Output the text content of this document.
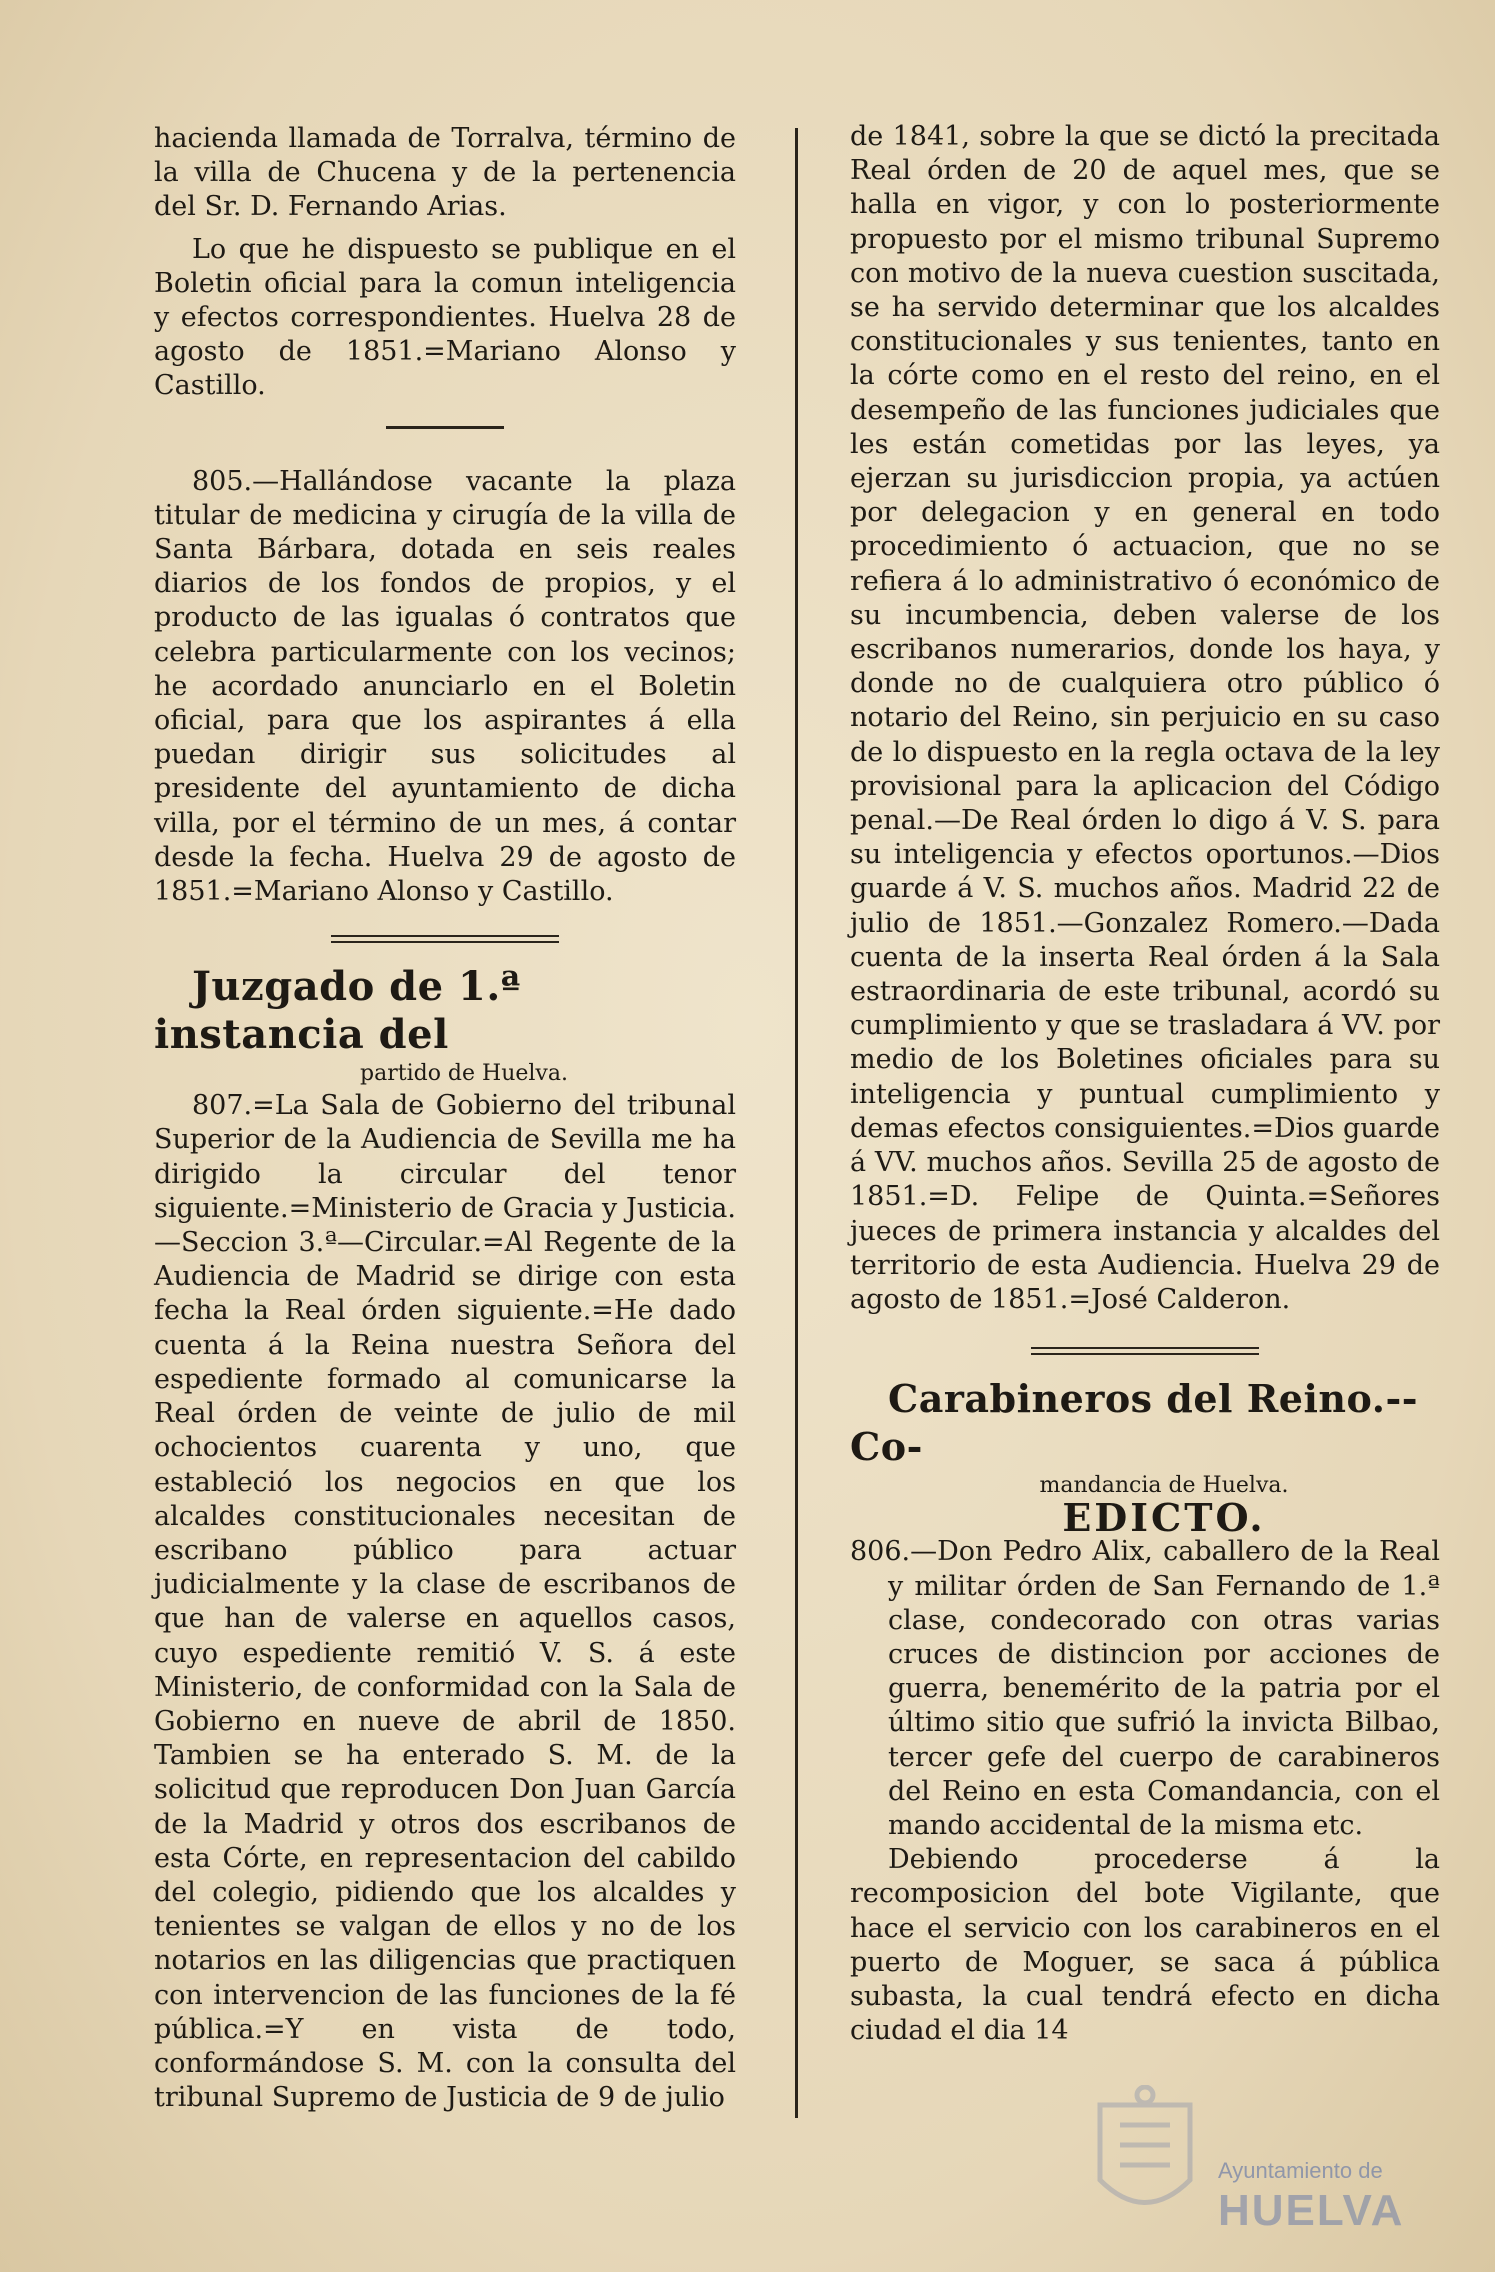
hacienda llamada de Torralva, término de la villa de Chucena y de la pertenencia del Sr. D. Fernando Arias.

Lo que he dispuesto se publique en el Boletin oficial para la comun inteligencia y efectos correspondientes. Huelva 28 de agosto de 1851.=Mariano Alonso y Castillo.

805.—Hallándose vacante la plaza titular de medicina y cirugía de la villa de Santa Bárbara, dotada en seis reales diarios de los fondos de propios, y el producto de las igualas ó contratos que celebra particularmente con los vecinos; he acordado anunciarlo en el Boletin oficial, para que los aspirantes á ella puedan dirigir sus solicitudes al presidente del ayuntamiento de dicha villa, por el término de un mes, á contar desde la fecha. Huelva 29 de agosto de 1851.=Mariano Alonso y Castillo.

Juzgado de 1.ª instancia del

partido de Huelva.

807.=La Sala de Gobierno del tribunal Superior de la Audiencia de Sevilla me ha dirigido la circular del tenor siguiente.=Ministerio de Gracia y Justicia.—Seccion 3.ª—Circular.=Al Regente de la Audiencia de Madrid se dirige con esta fecha la Real órden siguiente.=He dado cuenta á la Reina nuestra Señora del espediente formado al comunicarse la Real órden de veinte de julio de mil ochocientos cuarenta y uno, que estableció los negocios en que los alcaldes constitucionales necesitan de escribano público para actuar judicialmente y la clase de escribanos de que han de valerse en aquellos casos, cuyo espediente remitió V. S. á este Ministerio, de conformidad con la Sala de Gobierno en nueve de abril de 1850. Tambien se ha enterado S. M. de la solicitud que reproducen Don Juan García de la Madrid y otros dos escribanos de esta Córte, en representacion del cabildo del colegio, pidiendo que los alcaldes y tenientes se valgan de ellos y no de los notarios en las diligencias que practiquen con intervencion de las funciones de la fé pública.=Y en vista de todo, conformándose S. M. con la consulta del tribunal Supremo de Justicia de 9 de julio

de 1841, sobre la que se dictó la precitada Real órden de 20 de aquel mes, que se halla en vigor, y con lo posteriormente propuesto por el mismo tribunal Supremo con motivo de la nueva cuestion suscitada, se ha servido determinar que los alcaldes constitucionales y sus tenientes, tanto en la córte como en el resto del reino, en el desempeño de las funciones judiciales que les están cometidas por las leyes, ya ejerzan su jurisdiccion propia, ya actúen por delegacion y en general en todo procedimiento ó actuacion, que no se refiera á lo administrativo ó económico de su incumbencia, deben valerse de los escribanos numerarios, donde los haya, y donde no de cualquiera otro público ó notario del Reino, sin perjuicio en su caso de lo dispuesto en la regla octava de la ley provisional para la aplicacion del Código penal.—De Real órden lo digo á V. S. para su inteligencia y efectos oportunos.—Dios guarde á V. S. muchos años. Madrid 22 de julio de 1851.—Gonzalez Romero.—Dada cuenta de la inserta Real órden á la Sala estraordinaria de este tribunal, acordó su cumplimiento y que se trasladara á VV. por medio de los Boletines oficiales para su inteligencia y puntual cumplimiento y demas efectos consiguientes.=Dios guarde á VV. muchos años. Sevilla 25 de agosto de 1851.=D. Felipe de Quinta.=Señores jueces de primera instancia y alcaldes del territorio de esta Audiencia. Huelva 29 de agosto de 1851.=José Calderon.

Carabineros del Reino.--Co-

mandancia de Huelva.

EDICTO.

806.—Don Pedro Alix, caballero de la Real y militar órden de San Fernando de 1.ª clase, condecorado con otras varias cruces de distincion por acciones de guerra, benemérito de la patria por el último sitio que sufrió la invicta Bilbao, tercer gefe del cuerpo de carabineros del Reino en esta Comandancia, con el mando accidental de la misma etc.

Debiendo procederse á la recomposicion del bote Vigilante, que hace el servicio con los carabineros en el puerto de Moguer, se saca á pública subasta, la cual tendrá efecto en dicha ciudad el dia 14

Ayuntamiento de
HUELVA
